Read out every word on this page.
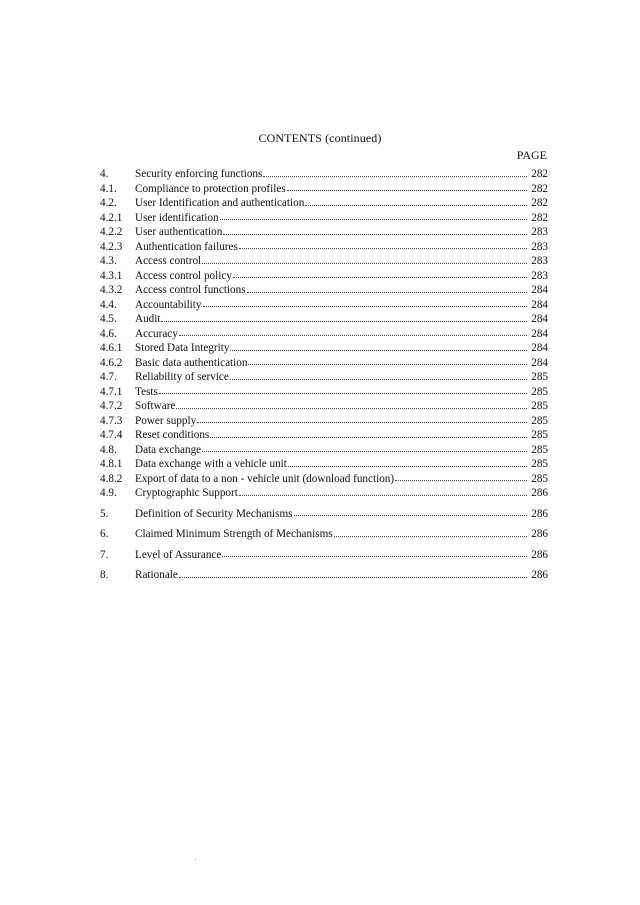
CONTENTS (continued)
PAGE
4.	Security enforcing functions	282
4.1.	Compliance to protection profiles	282
4.2.	User Identification and authentication	282
4.2.1	User identification	282
4.2.2	User authentication	283
4.2.3	Authentication failures	283
4.3.	Access control	283
4.3.1	Access control policy	283
4.3.2	Access control functions	284
4.4.	Accountability	284
4.5.	Audit	284
4.6.	Accuracy	284
4.6.1	Stored Data Integrity	284
4.6.2	Basic data authentication	284
4.7.	Reliability of service	285
4.7.1	Tests	285
4.7.2	Software	285
4.7.3	Power supply	285
4.7.4	Reset conditions	285
4.8.	Data exchange	285
4.8.1	Data exchange with a vehicle unit	285
4.8.2	Export of data to a non - vehicle unit (download function)	285
4.9.	Cryptographic Support	286
5.	Definition of Security Mechanisms	286
6.	Claimed Minimum Strength of Mechanisms	286
7.	Level of Assurance	286
8.	Rationale	286
